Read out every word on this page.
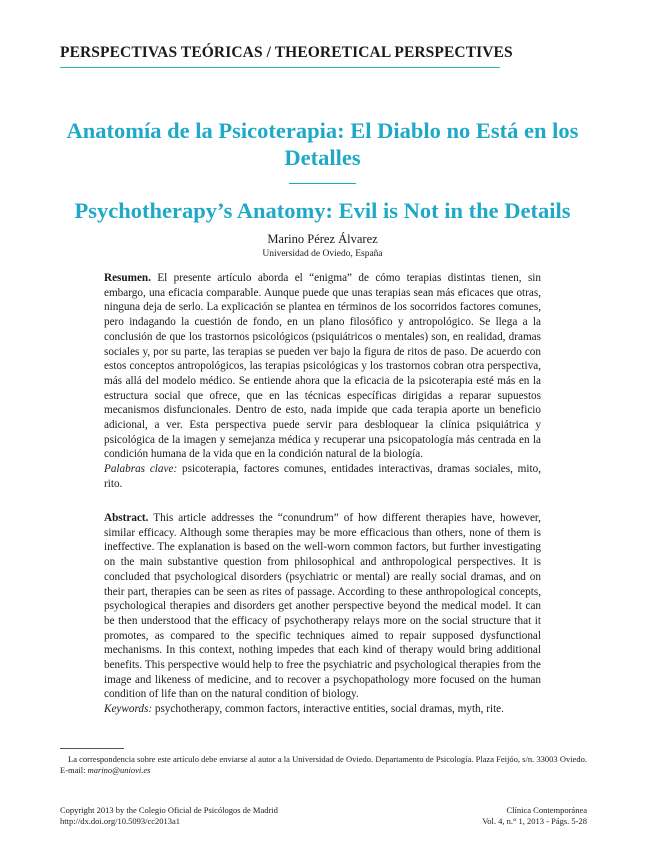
PERSPECTIVAS TEÓRICAS / THEORETICAL PERSPECTIVES
Anatomía de la Psicoterapia: El Diablo no Está en los Detalles
Psychotherapy’s Anatomy: Evil is Not in the Details
Marino Pérez Álvarez
Universidad de Oviedo, España
Resumen. El presente artículo aborda el “enigma” de cómo terapias distintas tienen, sin embargo, una eficacia comparable. Aunque puede que unas terapias sean más eficaces que otras, ninguna deja de serlo. La explicación se plantea en términos de los socorridos factores comunes, pero indagando la cuestión de fondo, en un plano filosófico y antropológico. Se llega a la conclusión de que los trastornos psicológicos (psiquiátricos o mentales) son, en realidad, dramas sociales y, por su parte, las terapias se pueden ver bajo la figura de ritos de paso. De acuerdo con estos conceptos antropológicos, las terapias psicológicas y los trastornos cobran otra perspectiva, más allá del modelo médico. Se entiende ahora que la eficacia de la psicoterapia esté más en la estructura social que ofrece, que en las técnicas específicas dirigidas a reparar supuestos mecanismos disfuncionales. Dentro de esto, nada impide que cada terapia aporte un beneficio adicional, a ver. Esta perspectiva puede servir para desbloquear la clínica psiquiátrica y psicológica de la imagen y semejanza médica y recuperar una psicopatología más centrada en la condición humana de la vida que en la condición natural de la biología.
Palabras clave: psicoterapia, factores comunes, entidades interactivas, dramas sociales, mito, rito.
Abstract. This article addresses the “conundrum” of how different therapies have, however, similar efficacy. Although some therapies may be more efficacious than others, none of them is ineffective. The explanation is based on the well-worn common factors, but further investigating on the main substantive question from philosophical and anthropological perspectives. It is concluded that psychological disorders (psychiatric or mental) are really social dramas, and on their part, therapies can be seen as rites of passage. According to these anthropological concepts, psychological therapies and disorders get another perspective beyond the medical model. It can be then understood that the efficacy of psychotherapy relays more on the social structure that it promotes, as compared to the specific techniques aimed to repair supposed dysfunctional mechanisms. In this context, nothing impedes that each kind of therapy would bring additional benefits. This perspective would help to free the psychiatric and psychological therapies from the image and likeness of medicine, and to recover a psychopathology more focused on the human condition of life than on the natural condition of biology.
Keywords: psychotherapy, common factors, interactive entities, social dramas, myth, rite.
La correspondencia sobre este artículo debe enviarse al autor a la Universidad de Oviedo. Departamento de Psicología. Plaza Feijóo, s/n. 33003 Oviedo. E-mail: marino@uniovi.es
Copyright 2013 by the Colegio Oficial de Psicólogos de Madrid
http://dx.doi.org/10.5093/cc2013a1
Clínica Contemporánea
Vol. 4, n.° 1, 2013 - Págs. 5-28
